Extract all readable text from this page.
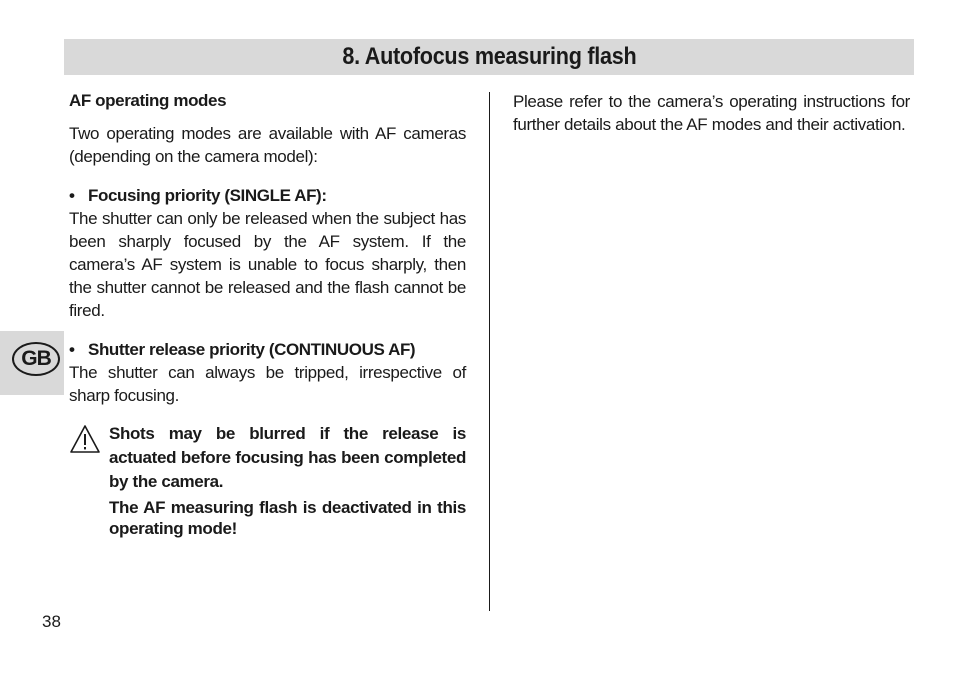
8. Autofocus measuring flash
GB

AF operating modes

Two operating modes are available with AF cameras (depending on the camera model):

• Focusing priority (SINGLE AF):

The shutter can only be released when the subject has been sharply focused by the AF system. If the camera’s AF system is unable to focus sharply, then the shutter cannot be released and the flash cannot be fired.

• Shutter release priority (CONTINUOUS AF)

The shutter can always be tripped, irrespective of sharp focusing.

Shots may be blurred if the release is actuated before focusing has been completed by the camera.

The AF measuring flash is deactivated in this operating mode!

Please refer to the camera’s operating instructions for further details about the AF modes and their activation.

38
